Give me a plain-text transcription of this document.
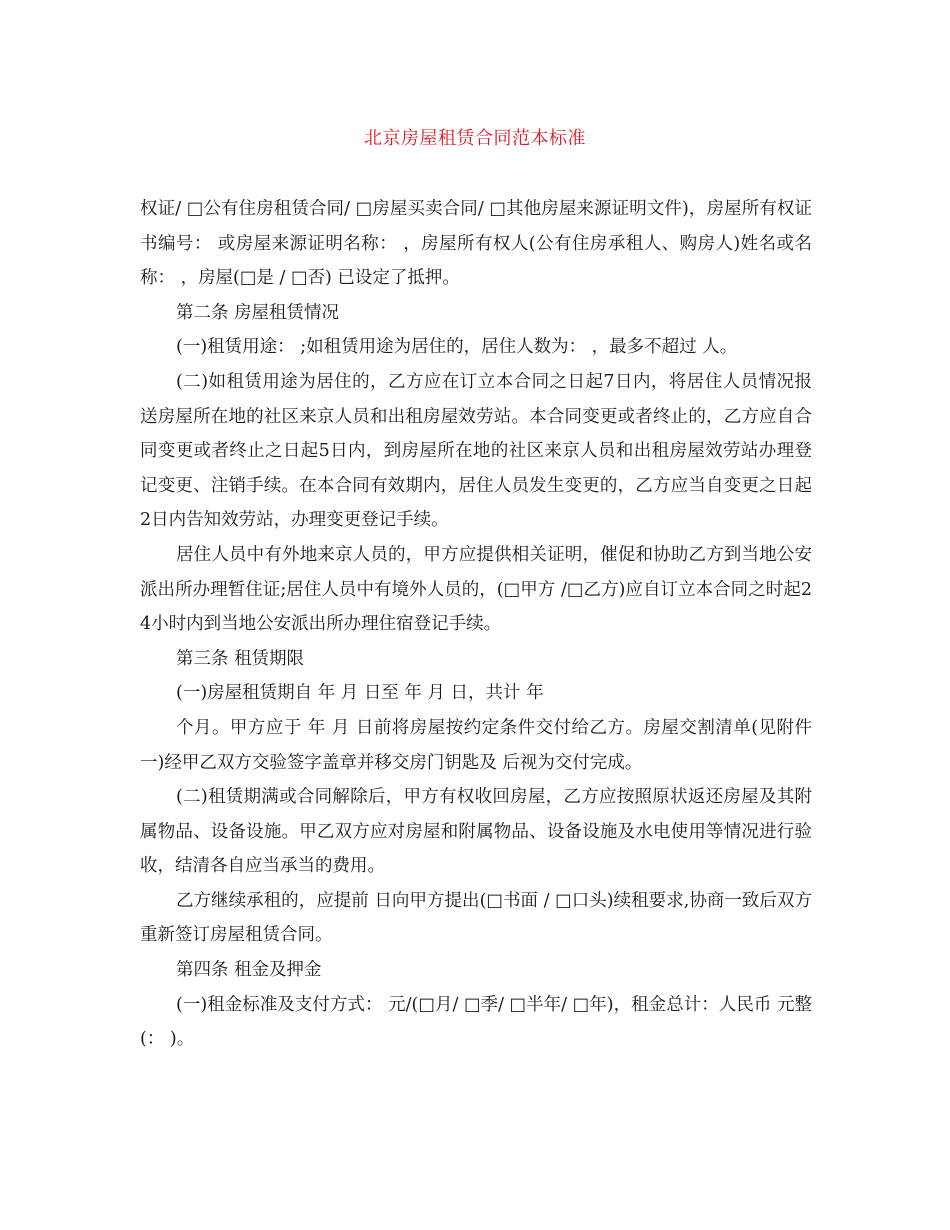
北京房屋租赁合同范本标准

权证/ □公有住房租赁合同/ □房屋买卖合同/ □其他房屋来源证明文件)，房屋所有权证书编号： 或房屋来源证明名称： ，房屋所有权人(公有住房承租人、购房人)姓名或名称： ，房屋(□是 / □否) 已设定了抵押。

第二条 房屋租赁情况

(一)租赁用途： ;如租赁用途为居住的，居住人数为： ，最多不超过 人。

(二)如租赁用途为居住的，乙方应在订立本合同之日起7日内，将居住人员情况报送房屋所在地的社区来京人员和出租房屋效劳站。本合同变更或者终止的，乙方应自合同变更或者终止之日起5日内，到房屋所在地的社区来京人员和出租房屋效劳站办理登记变更、注销手续。在本合同有效期内，居住人员发生变更的，乙方应当自变更之日起2日内告知效劳站，办理变更登记手续。

居住人员中有外地来京人员的，甲方应提供相关证明，催促和协助乙方到当地公安派出所办理暂住证;居住人员中有境外人员的，(□甲方 /□乙方)应自订立本合同之时起24小时内到当地公安派出所办理住宿登记手续。

第三条 租赁期限

(一)房屋租赁期自 年 月 日至 年 月 日，共计 年

个月。甲方应于 年 月 日前将房屋按约定条件交付给乙方。房屋交割清单(见附件一)经甲乙双方交验签字盖章并移交房门钥匙及 后视为交付完成。

(二)租赁期满或合同解除后，甲方有权收回房屋，乙方应按照原状返还房屋及其附属物品、设备设施。甲乙双方应对房屋和附属物品、设备设施及水电使用等情况进行验收，结清各自应当承当的费用。

乙方继续承租的，应提前 日向甲方提出(□书面 / □口头)续租要求,协商一致后双方重新签订房屋租赁合同。

第四条 租金及押金

(一)租金标准及支付方式： 元/(□月/ □季/ □半年/ □年)，租金总计：人民币 元整(： )。
